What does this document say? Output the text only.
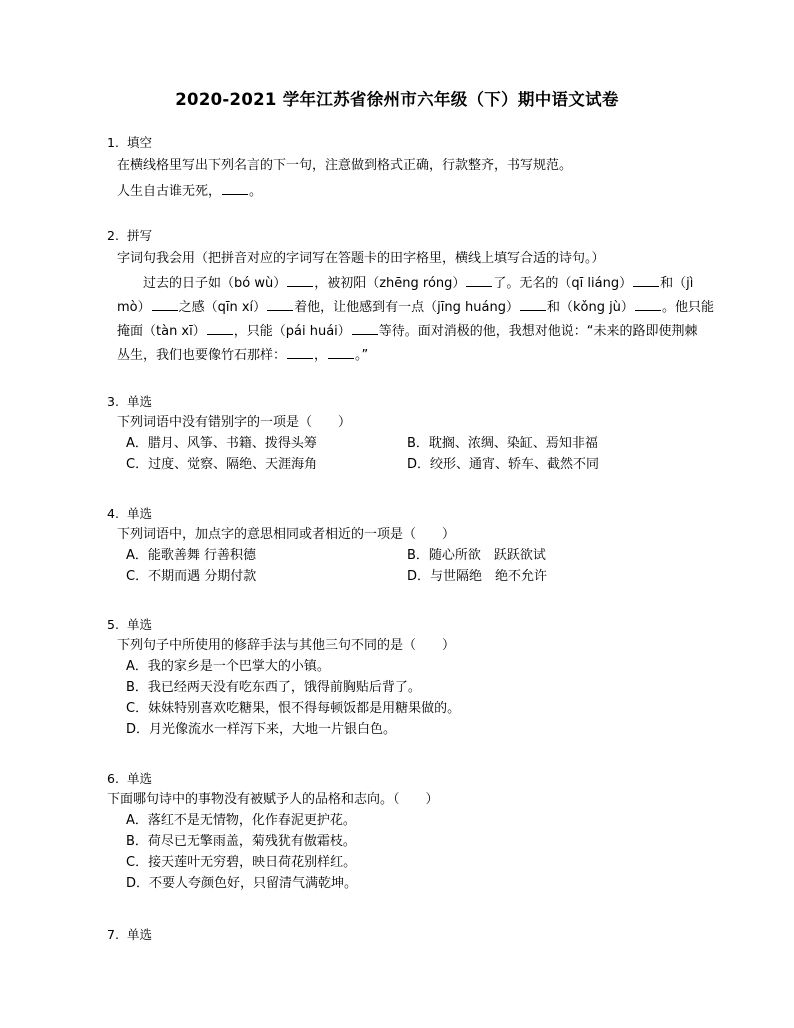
2020-2021 学年江苏省徐州市六年级（下）期中语文试卷
1. 填空
在横线格里写出下列名言的下一句，注意做到格式正确，行款整齐，书写规范。
人生自古谁无死， 。
2. 拼写
字词句我会用（把拼音对应的字词写在答题卡的田字格里，横线上填写合适的诗句。）
过去的日子如（bó wù） ，被初阳（zhēng róng） 了。无名的（qī liáng） 和（jì
mò） 之感（qīn xí） 着他，让他感到有一点（jīng huáng） 和（kǒng jù） 。他只能
掩面（tàn xī） ，只能（pái huái） 等待。面对消极的他，我想对他说：“未来的路即使荆棘
丛生，我们也要像竹石那样： ， 。”
3. 单选
下列词语中没有错别字的一项是（　　）
A．腊月、风筝、书籍、拨得头筹	B．耽搁、浓绸、染缸、焉知非福
C．过度、觉察、隔绝、天涯海角	D．绞形、通宵、轿车、截然不同
4. 单选
下列词语中，加点字的意思相同或者相近的一项是（　　）
A．能歌善舞 行善积德	B．随心所欲　跃跃欲试
C．不期而遇 分期付款	D．与世隔绝　绝不允许
5. 单选
下列句子中所使用的修辞手法与其他三句不同的是（　　）
A．我的家乡是一个巴掌大的小镇。
B．我已经两天没有吃东西了，饿得前胸贴后背了。
C．妹妹特别喜欢吃糖果，恨不得每顿饭都是用糖果做的。
D．月光像流水一样泻下来，大地一片银白色。
6. 单选
下面哪句诗中的事物没有被赋予人的品格和志向。（　　）
A．落红不是无情物，化作春泥更护花。
B．荷尽已无擎雨盖，菊残犹有傲霜枝。
C．接天莲叶无穷碧，映日荷花别样红。
D．不要人夸颜色好，只留清气满乾坤。
7. 单选
